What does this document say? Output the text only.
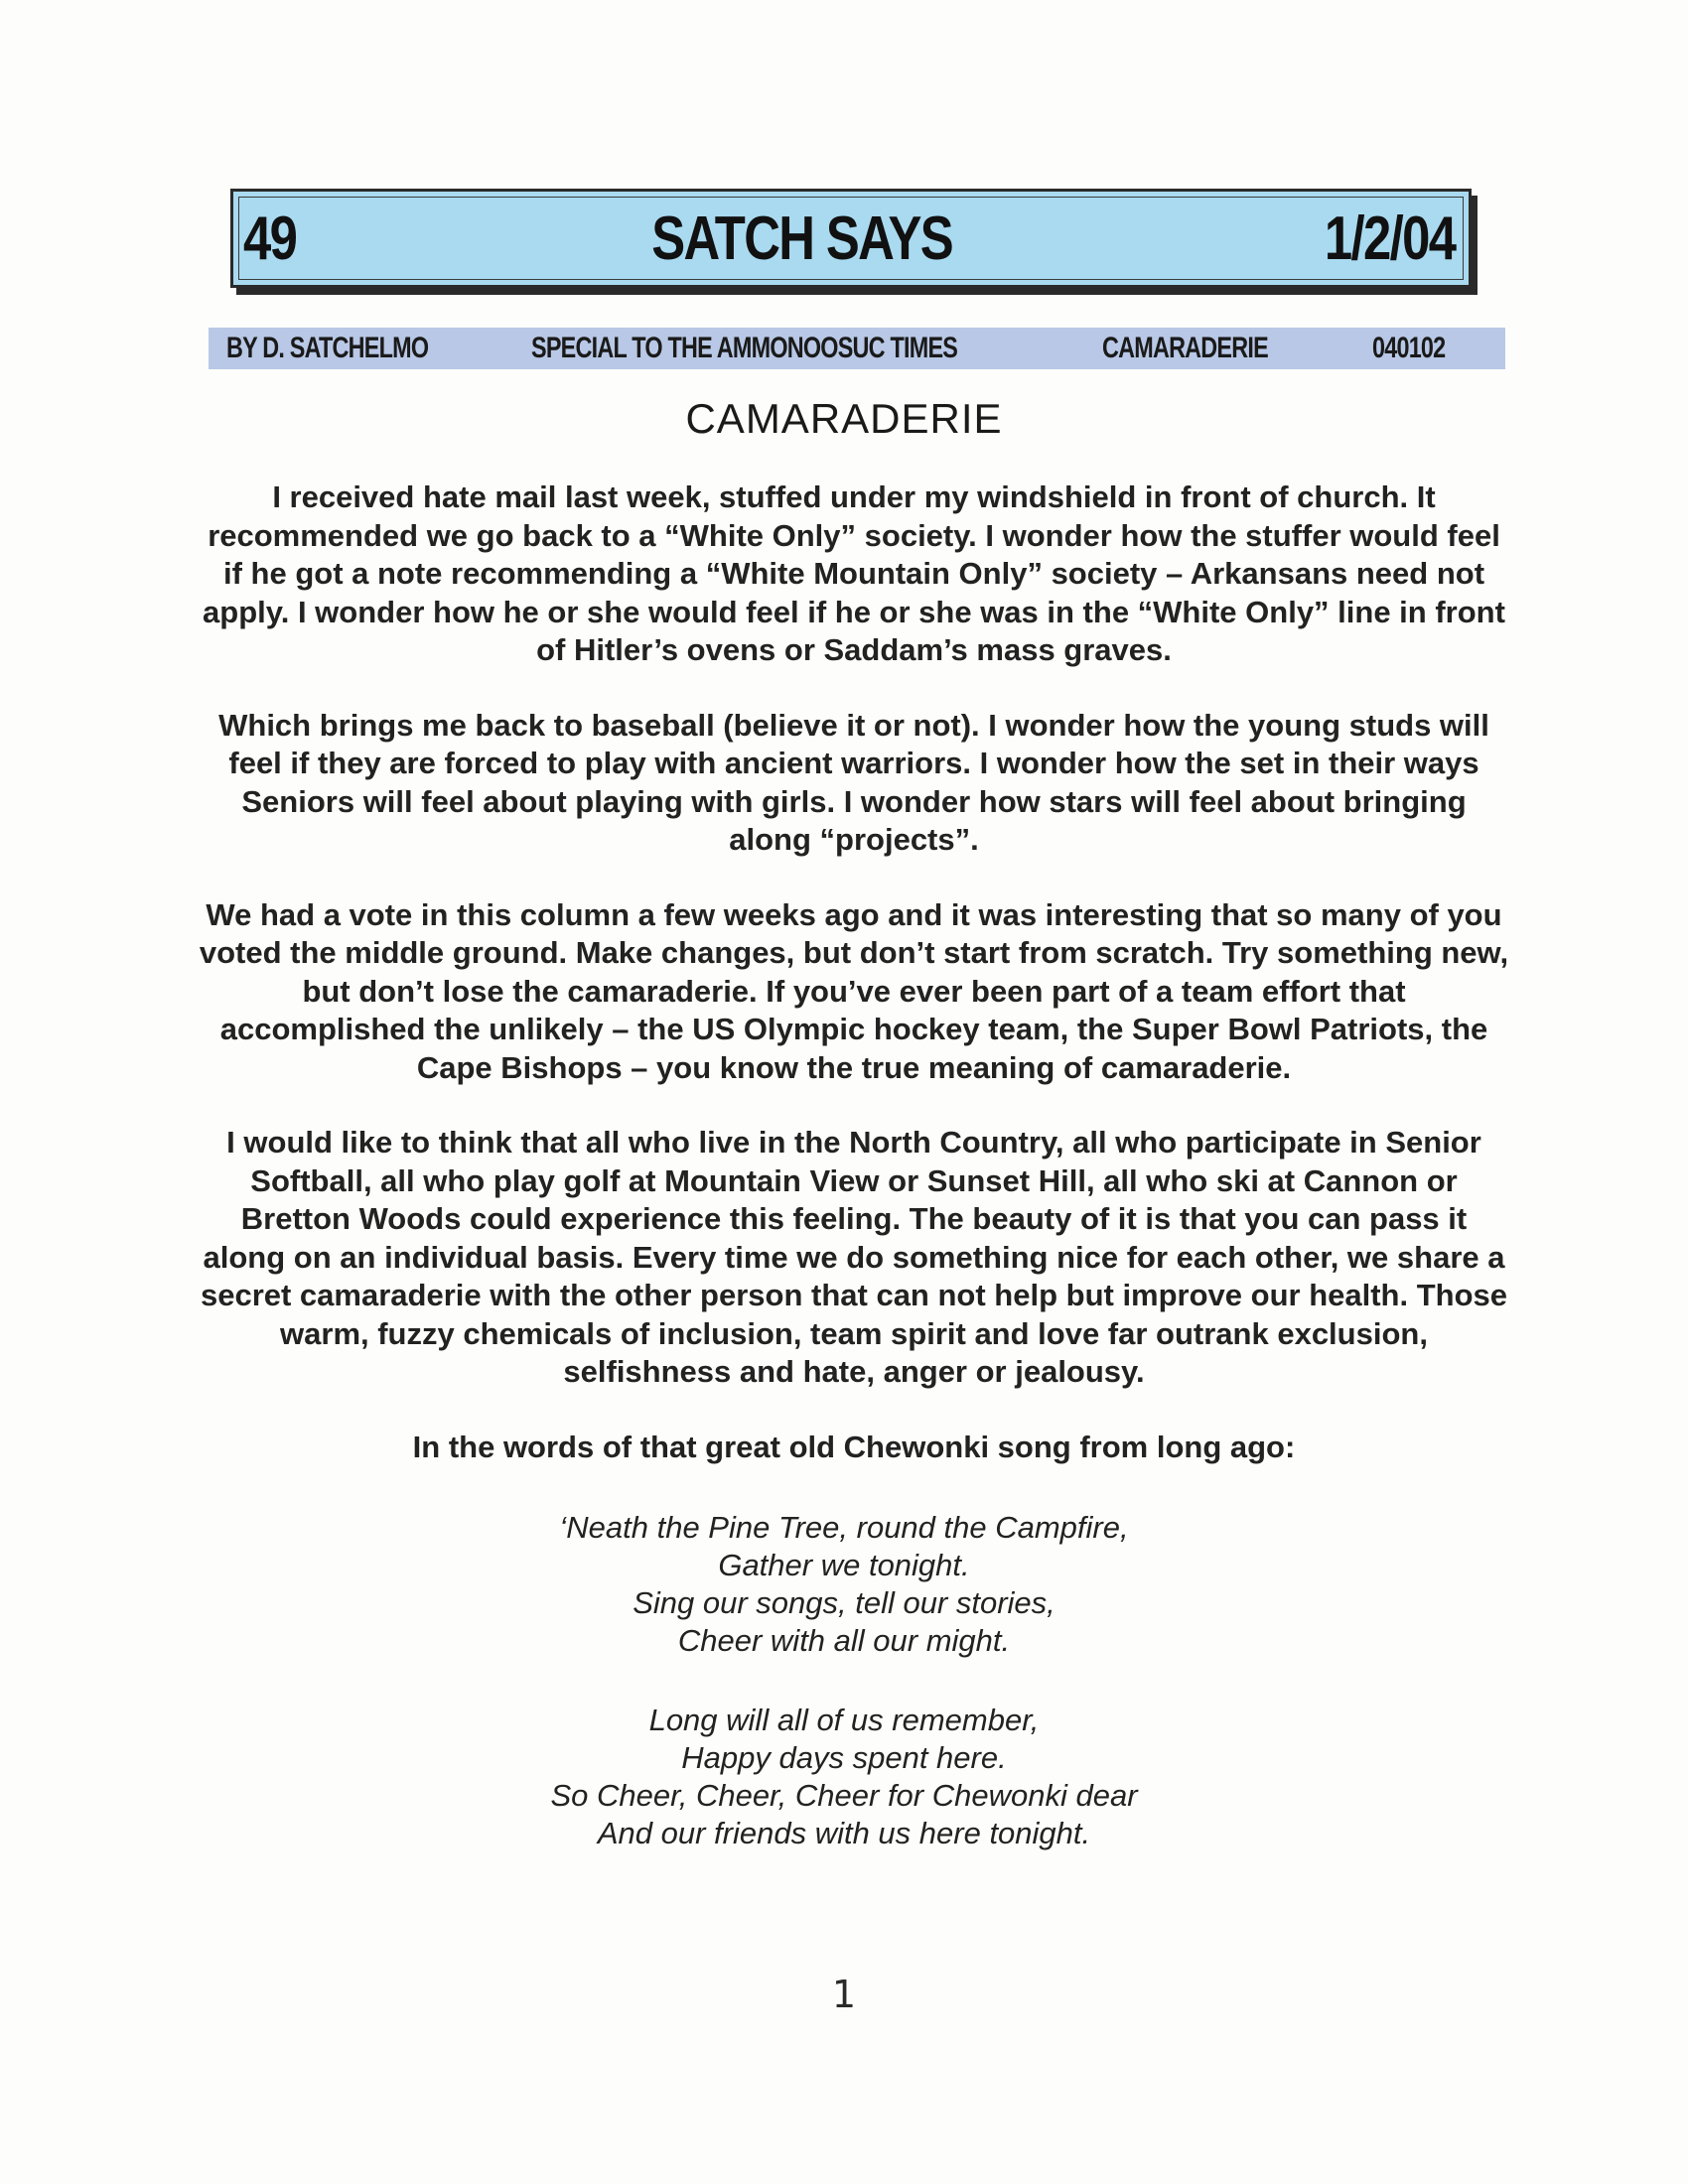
49	SATCH SAYS	1/2/04
BY D. SATCHELMO	SPECIAL TO THE AMMONOOSUC TIMES	CAMARADERIE	040102
CAMARADERIE

I received hate mail last week, stuffed under my windshield in front of church. It recommended we go back to a “White Only” society. I wonder how the stuffer would feel if he got a note recommending a “White Mountain Only” society – Arkansans need not apply. I wonder how he or she would feel if he or she was in the “White Only” line in front of Hitler’s ovens or Saddam’s mass graves.

Which brings me back to baseball (believe it or not). I wonder how the young studs will feel if they are forced to play with ancient warriors. I wonder how the set in their ways Seniors will feel about playing with girls. I wonder how stars will feel about bringing along “projects”.

We had a vote in this column a few weeks ago and it was interesting that so many of you voted the middle ground. Make changes, but don’t start from scratch. Try something new, but don’t lose the camaraderie. If you’ve ever been part of a team effort that accomplished the unlikely – the US Olympic hockey team, the Super Bowl Patriots, the Cape Bishops – you know the true meaning of camaraderie.

I would like to think that all who live in the North Country, all who participate in Senior Softball, all who play golf at Mountain View or Sunset Hill, all who ski at Cannon or Bretton Woods could experience this feeling. The beauty of it is that you can pass it along on an individual basis. Every time we do something nice for each other, we share a secret camaraderie with the other person that can not help but improve our health. Those warm, fuzzy chemicals of inclusion, team spirit and love far outrank exclusion, selfishness and hate, anger or jealousy.

In the words of that great old Chewonki song from long ago:

‘Neath the Pine Tree, round the Campfire,
Gather we tonight.
Sing our songs, tell our stories,
Cheer with all our might.
Long will all of us remember,
Happy days spent here.
So Cheer, Cheer, Cheer for Chewonki dear
And our friends with us here tonight.
1
